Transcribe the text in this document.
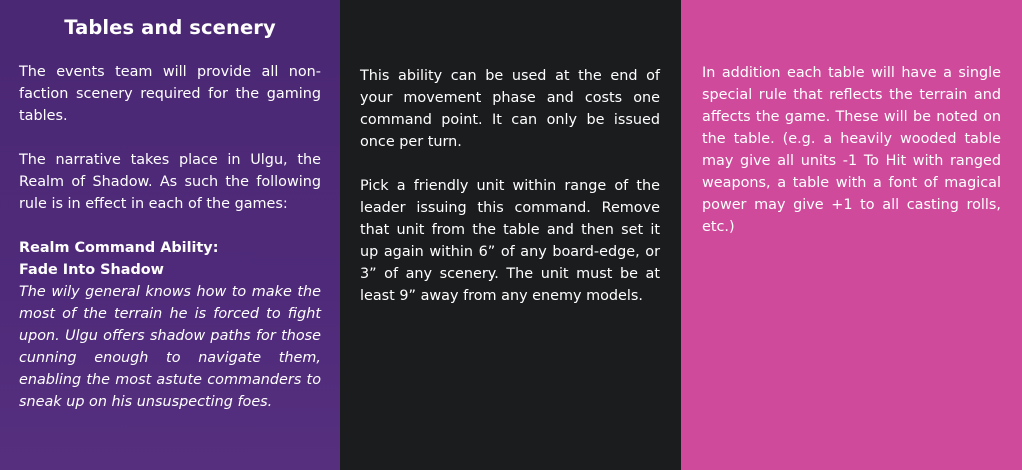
Tables and scenery

The events team will provide all non-faction scenery required for the gaming tables.

The narrative takes place in Ulgu, the Realm of Shadow. As such the following rule is in effect in each of the games:

Realm Command Ability:
Fade Into Shadow
The wily general knows how to make the most of the terrain he is forced to fight upon. Ulgu offers shadow paths for those cunning enough to navigate them, enabling the most astute commanders to sneak up on his unsuspecting foes.

This ability can be used at the end of your movement phase and costs one command point. It can only be issued once per turn.

Pick a friendly unit within range of the leader issuing this command. Remove that unit from the table and then set it up again within 6” of any board-edge, or 3” of any scenery. The unit must be at least 9” away from any enemy models.

In addition each table will have a single special rule that reflects the terrain and affects the game. These will be noted on the table. (e.g. a heavily wooded table may give all units -1 To Hit with ranged weapons, a table with a font of magical power may give +1 to all casting rolls, etc.)
